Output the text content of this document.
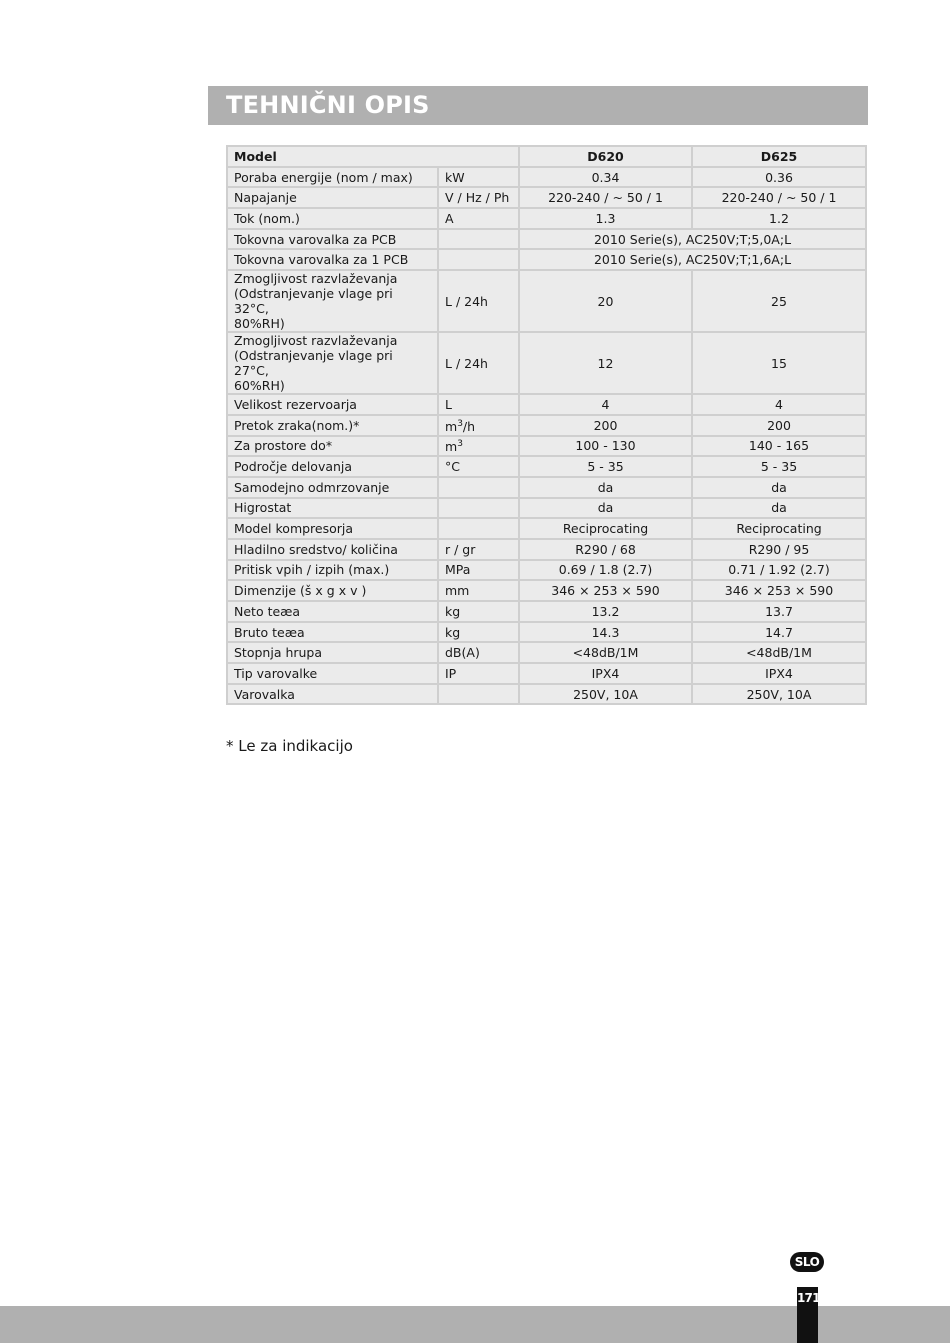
TEHNIČNI OPIS
Model		D620	D625
Poraba energije (nom / max)	kW	0.34	0.36
Napajanje	V / Hz / Ph	220-240 / ~ 50 / 1	220-240 / ~ 50 / 1
Tok (nom.)	A	1.3	1.2
Tokovna varovalka za PCB		2010 Serie(s), AC250V;T;5,0A;L	
Tokovna varovalka za 1 PCB		2010 Serie(s), AC250V;T;1,6A;L	

Zmogljivost razvlaževanja
(Odstranjevanje vlage pri 32°C,
80%RH)	L / 24h	20	25

Zmogljivost razvlaževanja
(Odstranjevanje vlage pri 27°C,
60%RH)	L / 24h	12	15
Velikost rezervoarja	L	4	4
Pretok zraka(nom.)*	$m^3/h$	200	200
Za prostore do*	$m^3$	100 - 130	140 - 165
Področje delovanja	°C	5 - 35	5 - 35
Samodejno odmrzovanje		da	da
Higrostat		da	da
Model kompresorja		Reciprocating	Reciprocating
Hladilno sredstvo/ količina	r / gr	R290 / 68	R290 / 95
Pritisk vpih / izpih (max.)	MPa	0.69 / 1.8 (2.7)	0.71 / 1.92 (2.7)
Dimenzije (š x g x v )	mm	346 × 253 × 590	346 × 253 × 590
Neto teæa	kg	13.2	13.7
Bruto teæa	kg	14.3	14.7
Stopnja hrupa	dB(A)	<48dB/1M	<48dB/1M
Tip varovalke	IP	IPX4	IPX4
Varovalka		250V, 10A	250V, 10A
* Le za indikacijo
SLO
171
